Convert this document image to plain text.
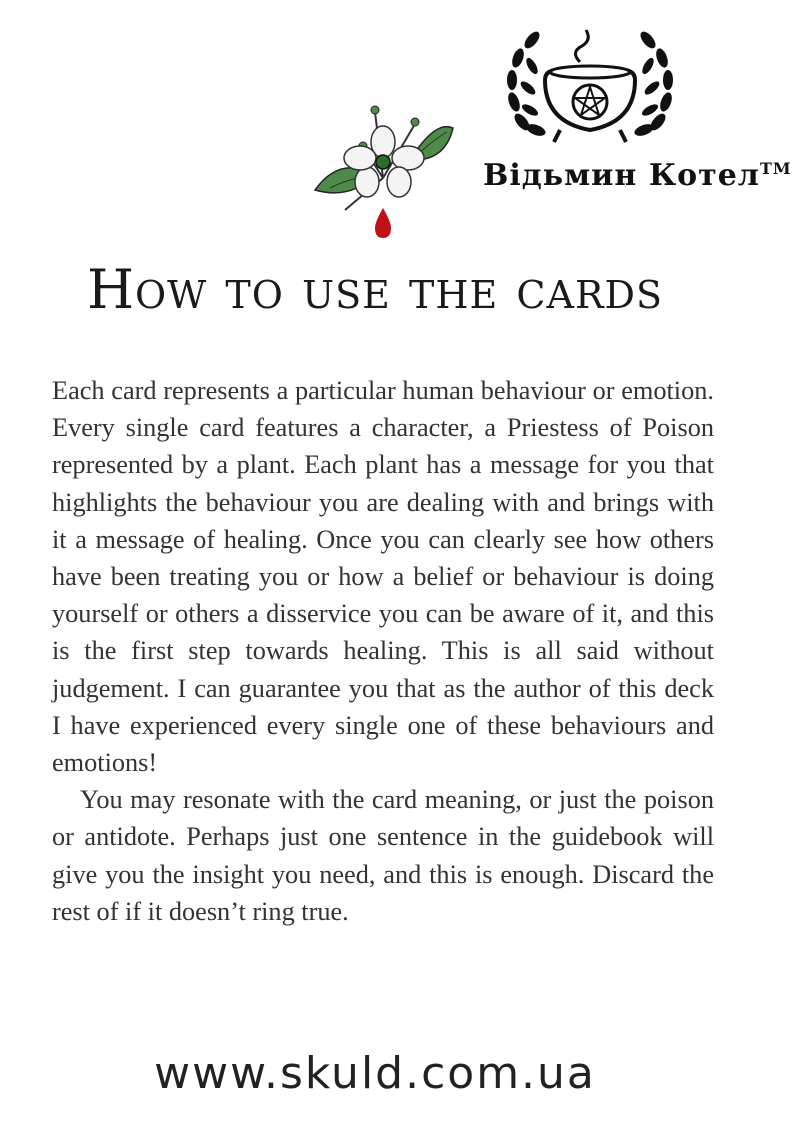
Відьмин Котел™
How to use the cards

Each card represents a particular human behaviour or emotion. Every single card features a character, a Priestess of Poison represented by a plant. Each plant has a message for you that highlights the behaviour you are dealing with and brings with it a message of healing. Once you can clearly see how others have been treating you or how a belief or behaviour is doing yourself or others a disservice you can be aware of it, and this is the first step towards healing. This is all said without judgement. I can guarantee you that as the author of this deck I have experienced every single one of these behaviours and emotions!

You may resonate with the card meaning, or just the poison or antidote. Perhaps just one sentence in the guidebook will give you the insight you need, and this is enough. Discard the rest of if it doesn’t ring true.

www.skuld.com.ua
